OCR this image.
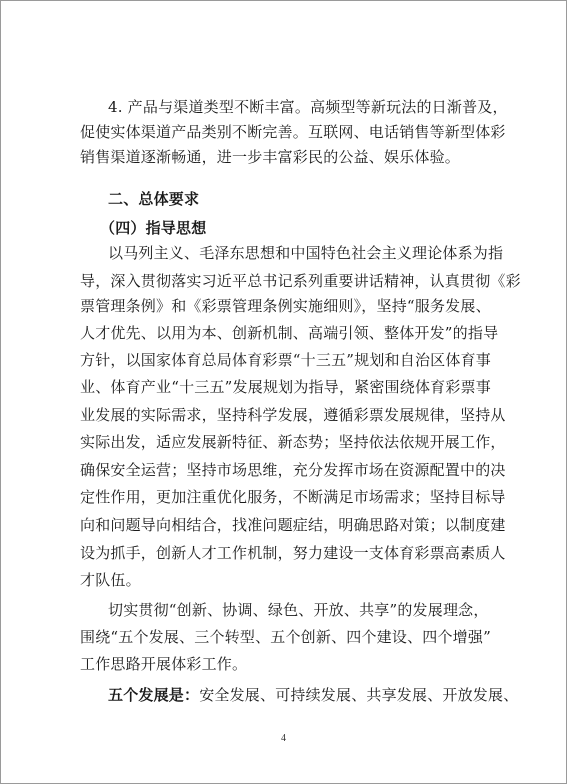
4. 产品与渠道类型不断丰富。高频型等新玩法的日渐普及，
促使实体渠道产品类别不断完善。互联网、电话销售等新型体彩
销售渠道逐渐畅通，进一步丰富彩民的公益、娱乐体验。
二、总体要求
（四）指导思想
以马列主义、毛泽东思想和中国特色社会主义理论体系为指
导，深入贯彻落实习近平总书记系列重要讲话精神，认真贯彻《彩
票管理条例》和《彩票管理条例实施细则》，坚持“服务发展、
人才优先、以用为本、创新机制、高端引领、整体开发”的指导
方针，以国家体育总局体育彩票“十三五”规划和自治区体育事
业、体育产业“十三五”发展规划为指导，紧密围绕体育彩票事
业发展的实际需求，坚持科学发展，遵循彩票发展规律，坚持从
实际出发，适应发展新特征、新态势；坚持依法依规开展工作，
确保安全运营；坚持市场思维，充分发挥市场在资源配置中的决
定性作用，更加注重优化服务，不断满足市场需求；坚持目标导
向和问题导向相结合，找准问题症结，明确思路对策；以制度建
设为抓手，创新人才工作机制，努力建设一支体育彩票高素质人
才队伍。
切实贯彻“创新、协调、绿色、开放、共享”的发展理念，
围绕“五个发展、三个转型、五个创新、四个建设、四个增强”
工作思路开展体彩工作。
五个发展是：安全发展、可持续发展、共享发展、开放发展、
4
